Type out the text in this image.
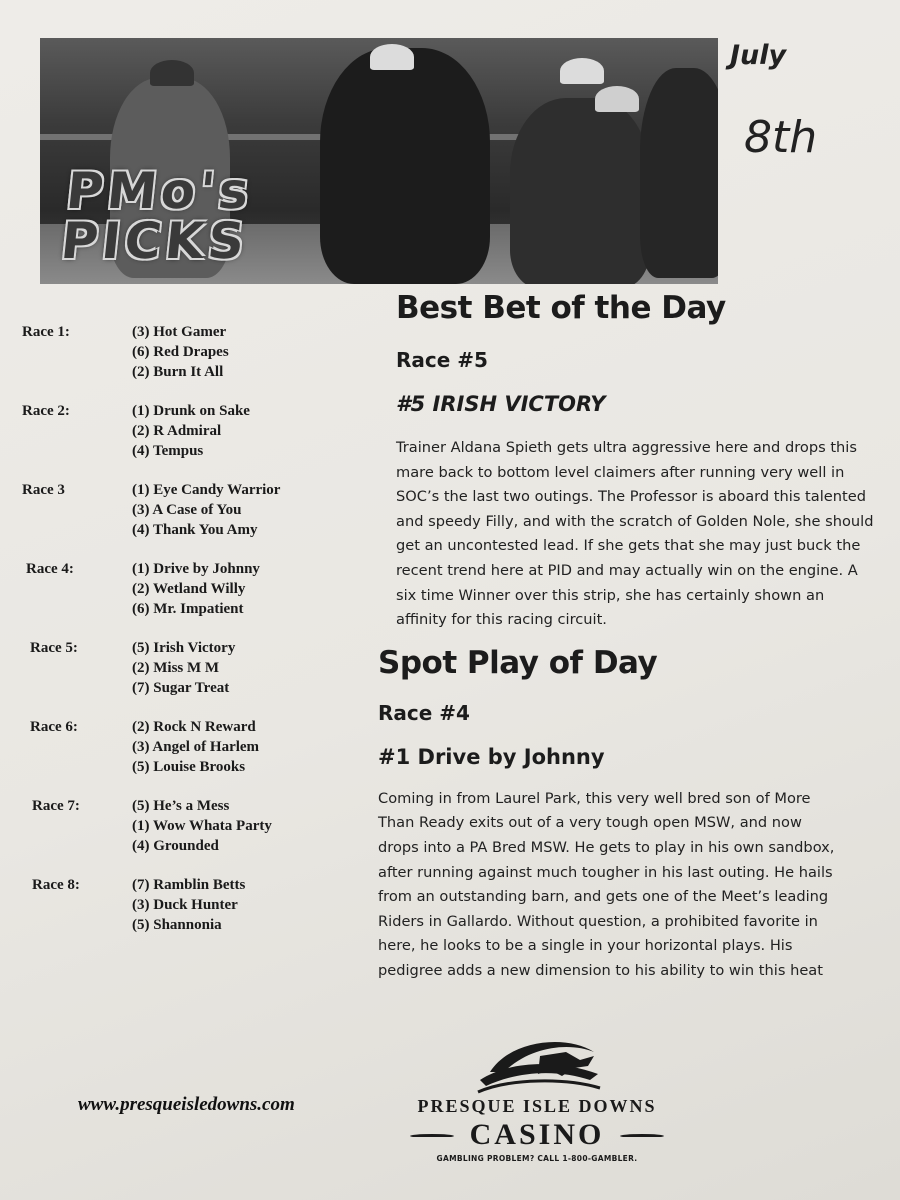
PMo's
PICKS
July
8th
Race 1:	(3) Hot Gamer
(6) Red Drapes
(2) Burn It All
Race 2:	(1) Drunk on Sake
(2) R Admiral
(4) Tempus
Race 3	(1) Eye Candy Warrior
(3) A Case of You
(4) Thank You Amy
Race 4:	(1) Drive by Johnny
(2) Wetland Willy
(6) Mr. Impatient
Race 5:	(5) Irish Victory
(2) Miss M M
(7) Sugar Treat
Race 6:	(2) Rock N Reward
(3) Angel of Harlem
(5) Louise Brooks
Race 7:	(5) He’s a Mess
(1) Wow Whata Party
(4) Grounded
Race 8:	(7) Ramblin Betts
(3) Duck Hunter
(5) Shannonia
Best Bet of the Day
Race #5
#5 IRISH VICTORY
Trainer Aldana Spieth gets ultra aggressive here and drops this
mare back to bottom level claimers after running very well in
SOC’s the last two outings. The Professor is aboard this talented
and speedy Filly, and with the scratch of Golden Nole, she should
get an uncontested lead. If she gets that she may just buck the
recent trend here at PID and may actually win on the engine. A
six time Winner over this strip, she has certainly shown an
affinity for this racing circuit.
Spot Play of Day
Race #4
#1 Drive by Johnny
Coming in from Laurel Park, this very well bred son of More
Than Ready exits out of a very tough open MSW, and now
drops into a PA Bred MSW. He gets to play in his own sandbox,
after running against much tougher in his last outing. He hails
from an outstanding barn, and gets one of the Meet’s leading
Riders in Gallardo. Without question, a prohibited favorite in
here, he looks to be a single in your horizontal plays. His
pedigree adds a new dimension to his ability to win this heat
www.presqueisledowns.com	PRESQUE ISLE DOWNS
CASINO
GAMBLING PROBLEM? CALL 1-800-GAMBLER.
